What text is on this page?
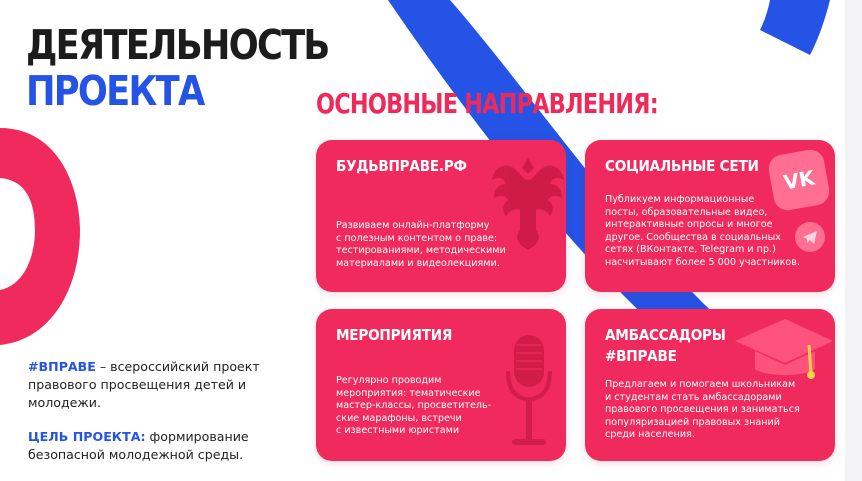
ДЕЯТЕЛЬНОСТЬ
ПРОЕКТА	ОСНОВНЫЕ НАПРАВЛЕНИЯ:
БУДЬВПРАВЕ.РФ

Развиваем онлайн-платформу
с полезным контентом о праве:
тестированиями, методическими
материалами и видеолекциями.

VK
СОЦИАЛЬНЫЕ СЕТИ

Публикуем информационные
посты, образовательные видео,
интерактивные опросы и многое
другое. Сообщества в социальных
сетях (ВКонтакте, Telegram и пр.)
насчитывают более 5 000 участников.

МЕРОПРИЯТИЯ

Регулярно проводим
мероприятия: тематические
мастер-классы, просветитель-
ские марафоны, встречи
с известными юристами

АМБАССАДОРЫ
#ВПРАВЕ

Предлагаем и помогаем школьникам
и студентам стать амбассадорами
правового просвещения и заниматься
популяризацией правовых знаний
среди населения.

#ВПРАВЕ – всероссийский проект правового просвещения детей и молодежи.

ЦЕЛЬ ПРОЕКТА: формирование безопасной молодежной среды.
